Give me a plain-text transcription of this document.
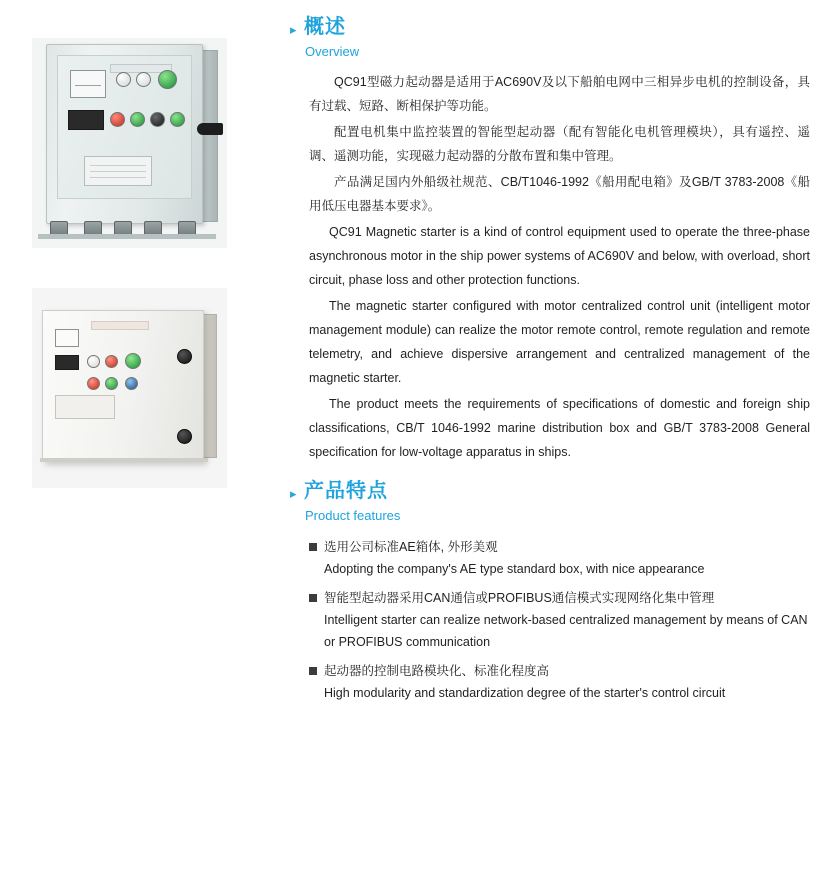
▸ 概述
Overview

QC91型磁力起动器是适用于AC690V及以下船舶电网中三相异步电机的控制设备，具有过载、短路、断相保护等功能。

配置电机集中监控装置的智能型起动器（配有智能化电机管理模块），具有遥控、遥调、遥测功能，实现磁力起动器的分散布置和集中管理。

产品满足国内外船级社规范、CB/T1046-1992《船用配电箱》及GB/T 3783-2008《船用低压电器基本要求》。

QC91 Magnetic starter is a kind of control equipment used to operate the three-phase asynchronous motor in the ship power systems of AC690V and below, with overload, short circuit, phase loss and other protection functions.

The magnetic starter configured with motor centralized control unit (intelligent motor management module) can realize the motor remote control, remote regulation and remote telemetry, and achieve dispersive arrangement and centralized management of the magnetic starter.

The product meets the requirements of specifications of domestic and foreign ship classifications, CB/T 1046-1992 marine distribution box and GB/T 3783-2008 General specification for low-voltage apparatus in ships.

▸ 产品特点
Product features
选用公司标准AE箱体, 外形美观
Adopting the company's AE type standard box, with nice appearance
智能型起动器采用CAN通信或PROFIBUS通信模式实现网络化集中管理
Intelligent starter can realize network-based centralized management by means of CAN or PROFIBUS communication
起动器的控制电路模块化、标准化程度高
High modularity and standardization degree of the starter's control circuit
